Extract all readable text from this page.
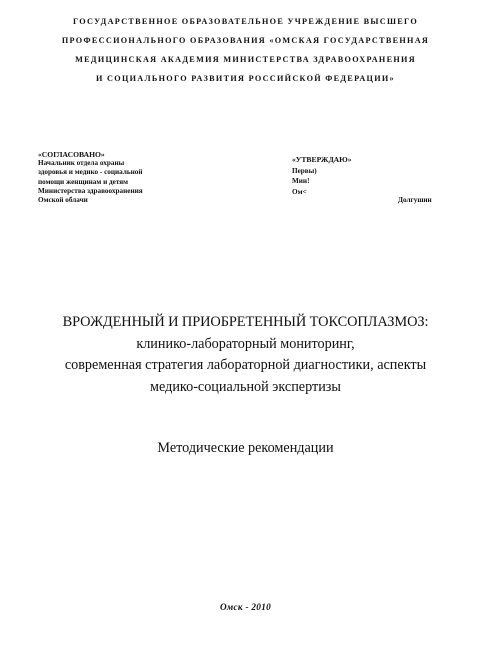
ГОСУДАРСТВЕННОЕ ОБРАЗОВАТЕЛЬНОЕ УЧРЕЖДЕНИЕ ВЫСШЕГО
ПРОФЕССИОНАЛЬНОГО ОБРАЗОВАНИЯ «ОМСКАЯ ГОСУДАРСТВЕННАЯ
МЕДИЦИНСКАЯ АКАДЕМИЯ МИНИСТЕРСТВА ЗДРАВООХРАНЕНИЯ
И СОЦИАЛЬНОГО РАЗВИТИЯ РОССИЙСКОЙ ФЕДЕРАЦИИ»
«СОГЛАСОВАНО»
Начальник отдела охраны
здоровья и медико - социальной
помощи женщинам и детям
Министерства здравоохранения
Омской облачи
«УТВЕРЖДАЮ»
Первы)
Мин!
Ом<
Долгушин
ВРОЖДЕННЫЙ И ПРИОБРЕТЕННЫЙ ТОКСОПЛАЗМОЗ:
клинико-лабораторный мониторинг,
современная стратегия лабораторной диагностики, аспекты
медико-социальной экспертизы
Методические рекомендации
Омск - 2010
